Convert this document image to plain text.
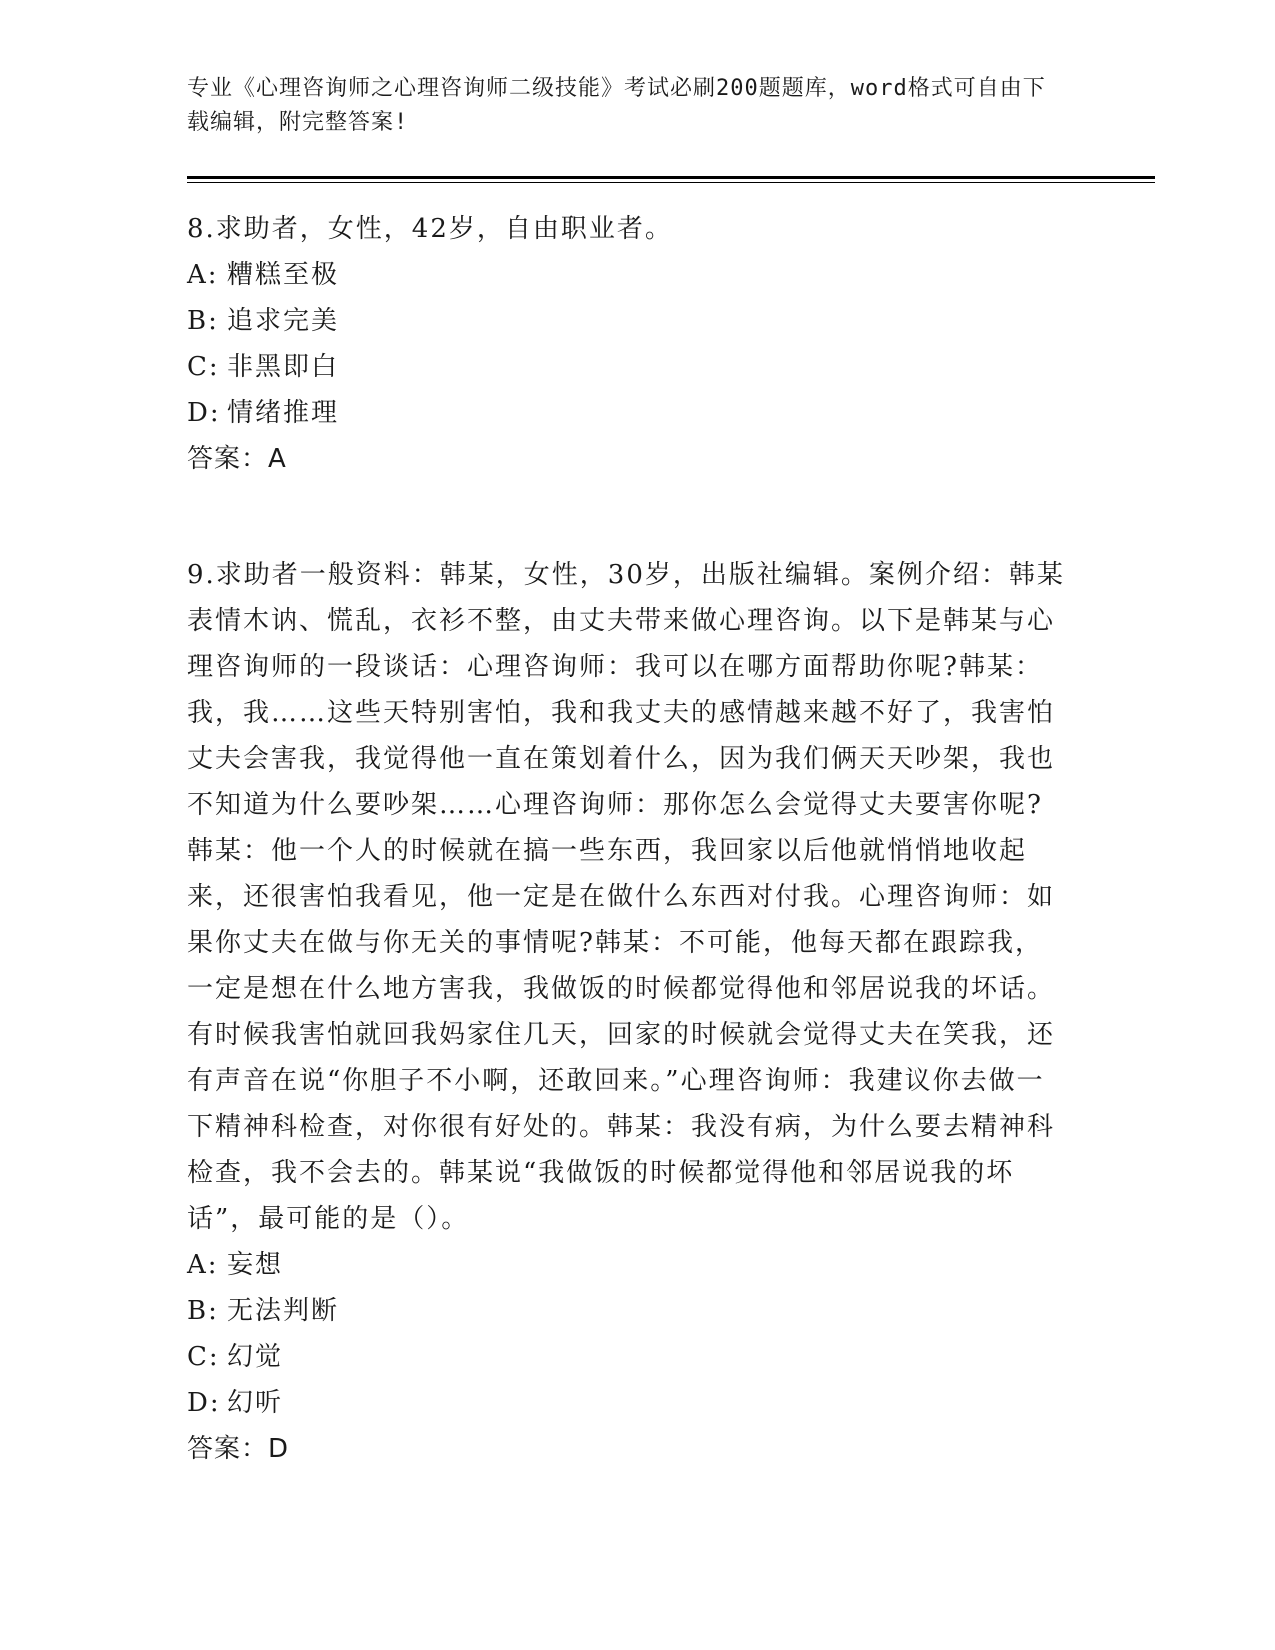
专业《心理咨询师之心理咨询师二级技能》考试必刷200题题库，word格式可自由下载编辑，附完整答案!

8.求助者，女性，42岁，自由职业者。

A: 糟糕至极

B: 追求完美

C: 非黑即白

D: 情绪推理

答案：A

9.求助者一般资料：韩某，女性，30岁，出版社编辑。案例介绍：韩某表情木讷、慌乱，衣衫不整，由丈夫带来做心理咨询。以下是韩某与心理咨询师的一段谈话：心理咨询师：我可以在哪方面帮助你呢?韩某：我，我……这些天特别害怕，我和我丈夫的感情越来越不好了，我害怕丈夫会害我，我觉得他一直在策划着什么，因为我们俩天天吵架，我也不知道为什么要吵架……心理咨询师：那你怎么会觉得丈夫要害你呢?韩某：他一个人的时候就在搞一些东西，我回家以后他就悄悄地收起来，还很害怕我看见，他一定是在做什么东西对付我。心理咨询师：如果你丈夫在做与你无关的事情呢?韩某：不可能，他每天都在跟踪我，一定是想在什么地方害我，我做饭的时候都觉得他和邻居说我的坏话。有时候我害怕就回我妈家住几天，回家的时候就会觉得丈夫在笑我，还有声音在说“你胆子不小啊，还敢回来。”心理咨询师：我建议你去做一下精神科检查，对你很有好处的。韩某：我没有病，为什么要去精神科检查，我不会去的。韩某说“我做饭的时候都觉得他和邻居说我的坏话”，最可能的是（）。

A: 妄想

B: 无法判断

C: 幻觉

D: 幻听

答案：D
